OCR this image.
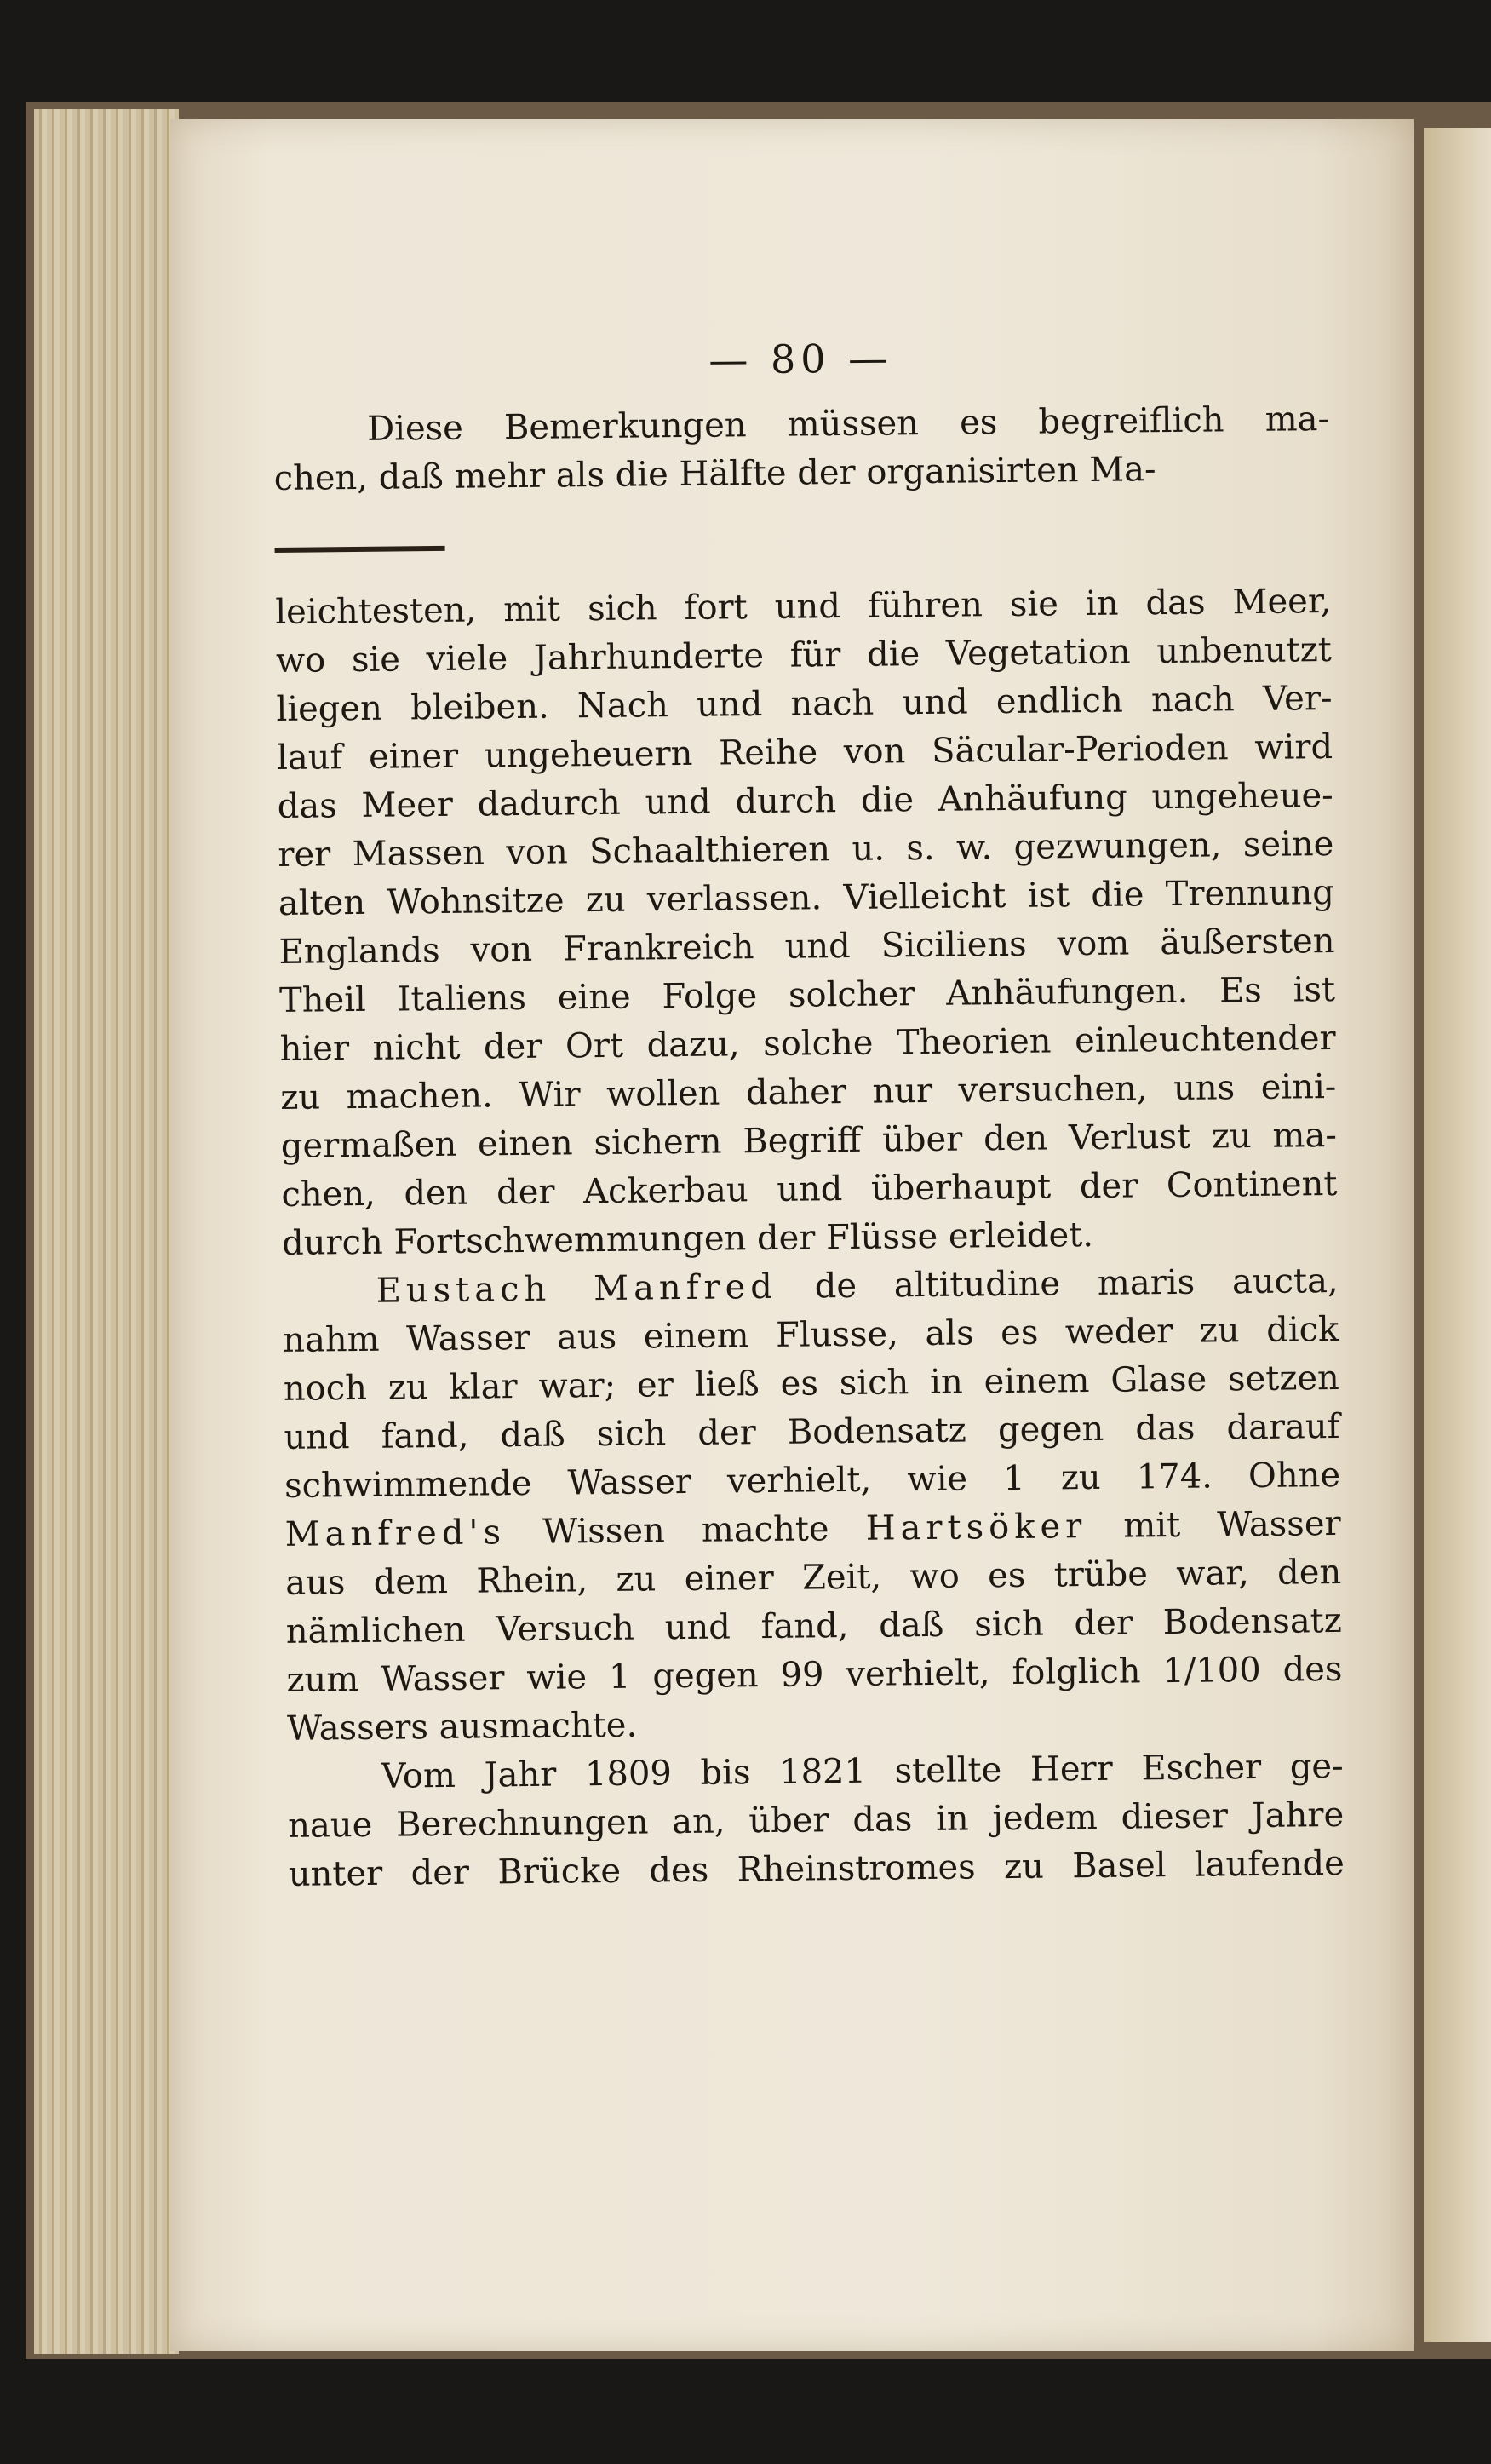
— 80 —
Diese Bemerkungen müssen es begreiflich ma-
chen, daß mehr als die Hälfte der organisirten Ma-
leichtesten, mit sich fort und führen sie in das Meer,
wo sie viele Jahrhunderte für die Vegetation unbenutzt
liegen bleiben. Nach und nach und endlich nach Ver-
lauf einer ungeheuern Reihe von Säcular-Perioden wird
das Meer dadurch und durch die Anhäufung ungeheue-
rer Massen von Schaalthieren u. s. w. gezwungen, seine
alten Wohnsitze zu verlassen. Vielleicht ist die Trennung
Englands von Frankreich und Siciliens vom äußersten
Theil Italiens eine Folge solcher Anhäufungen. Es ist
hier nicht der Ort dazu, solche Theorien einleuchtender
zu machen. Wir wollen daher nur versuchen, uns eini-
germaßen einen sichern Begriff über den Verlust zu ma-
chen, den der Ackerbau und überhaupt der Continent
durch Fortschwemmungen der Flüsse erleidet.
Eustach Manfred de altitudine maris aucta,
nahm Wasser aus einem Flusse, als es weder zu dick
noch zu klar war; er ließ es sich in einem Glase setzen
und fand, daß sich der Bodensatz gegen das darauf
schwimmende Wasser verhielt, wie 1 zu 174. Ohne
Manfred's Wissen machte Hartsöker mit Wasser
aus dem Rhein, zu einer Zeit, wo es trübe war, den
nämlichen Versuch und fand, daß sich der Bodensatz
zum Wasser wie 1 gegen 99 verhielt, folglich 1/100 des
Wassers ausmachte.
Vom Jahr 1809 bis 1821 stellte Herr Escher ge-
naue Berechnungen an, über das in jedem dieser Jahre
unter der Brücke des Rheinstromes zu Basel laufende
